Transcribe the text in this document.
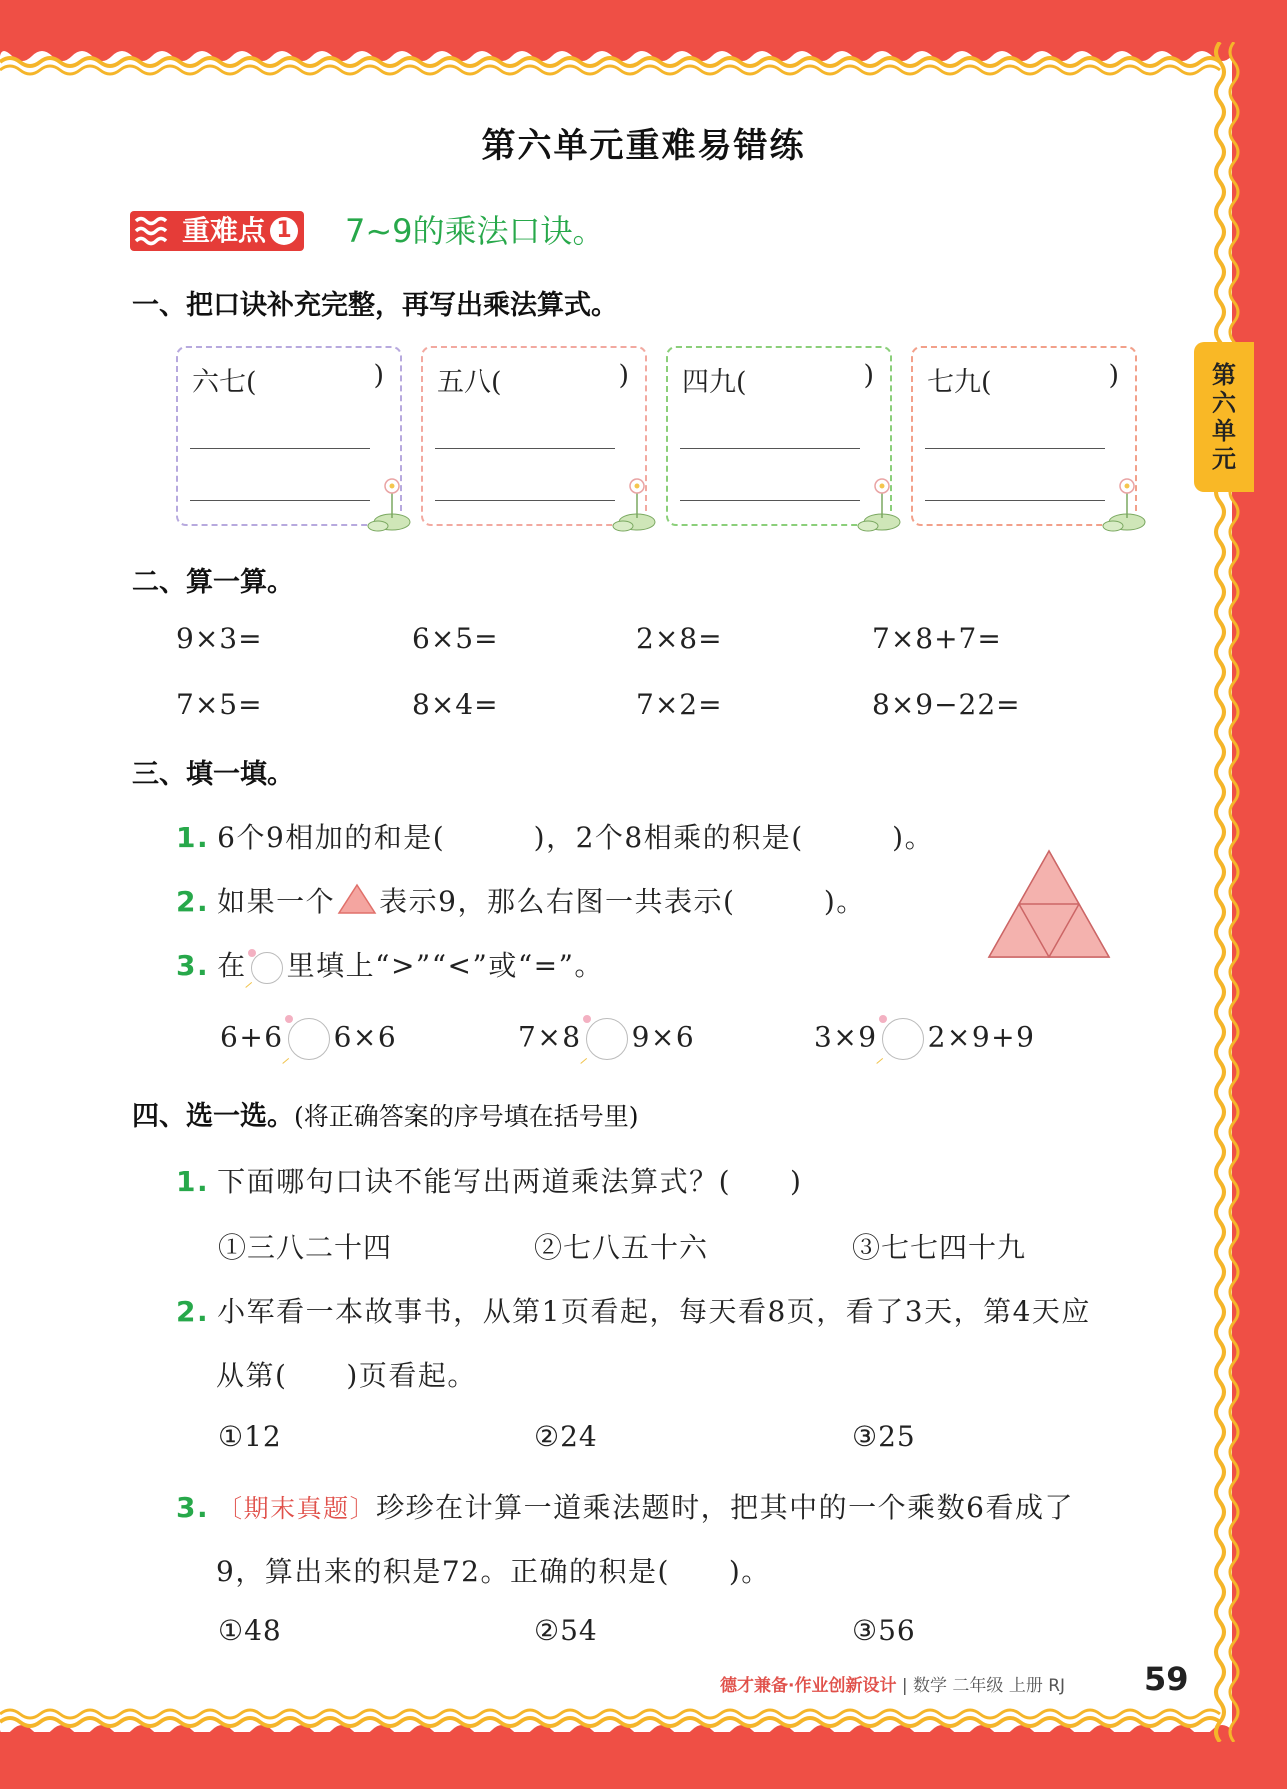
第
六
单
元
第六单元重难易错练
重难点 1 7~9的乘法口诀。
一、把口诀补充完整，再写出乘法算式。
六七(	) 五八(	) 四九(	) 七九(	)
二、算一算。
9×3=	6×5=	2×8=	7×8+7=
7×5=	8×4=	7×2=	8×9−22=
三、填一填。
1. 6个9相加的和是(　　　)，2个8相乘的积是(　　　)。
2. 如果一个 表示9，那么右图一共表示(　　　)。
3. 在 里填上“>”“<”或“=”。
6+6 6×6	7×8 9×6	3×9 2×9+9
四、选一选。(将正确答案的序号填在括号里)
1. 下面哪句口诀不能写出两道乘法算式？(　　)
①三八二十四	②七八五十六	③七七四十九
2. 小军看一本故事书，从第1页看起，每天看8页，看了3天，第4天应
从第(　　)页看起。
①12	②24	③25
3. 〔期末真题〕珍珍在计算一道乘法题时，把其中的一个乘数6看成了
9，算出来的积是72。正确的积是(　　)。
①48	②54	③56
德才兼备·作业创新设计 | 数学 二年级 上册 RJ 59
